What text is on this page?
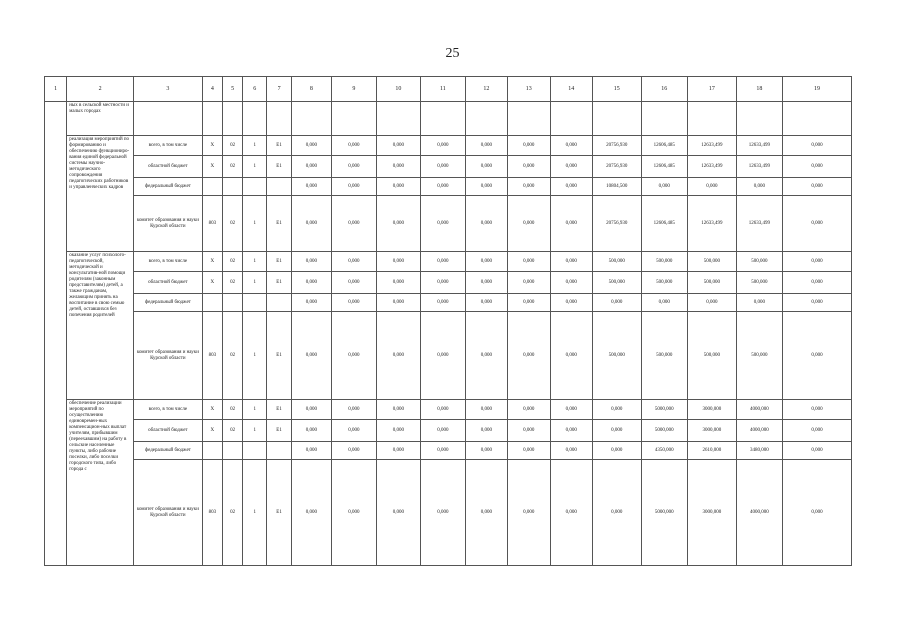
25
1	2	3	4	5	6	7	8	9	10	11	12	13	14	15	16	17	18	19
	ных в сельской местности и малых городах																	
	реализация мероприятий по формированию и обеспечению функциониро-вания единой федеральной системы научно-методического сопровождения педагогических работников и управленческих кадров	всего, в том числе	Х	02	1	Е1	0,000	0,000	0,000	0,000	0,000	0,000	0,000	20756,930	12606,485	12633,499	12633,499	0,000
		областной бюджет	Х	02	1	Е1	0,000	0,000	0,000	0,000	0,000	0,000	0,000	20756,930	12606,485	12633,499	12633,499	0,000
		федеральный бюджет					0,000	0,000	0,000	0,000	0,000	0,000	0,000	10804,500	0,000	0,000	0,000	0,000
		комитет образования и науки Курской области	803	02	1	Е1	0,000	0,000	0,000	0,000	0,000	0,000	0,000	20756,930	12606,485	12633,499	12633,499	0,000
	оказание услуг психолого-педагогической, методической и консультатив-ной помощи родителям (законным представителям) детей, а также гражданам, желающим принять на воспитание в свою семью детей, оставшихся без попечения родителей	всего, в том числе	Х	02	1	Е1	0,000	0,000	0,000	0,000	0,000	0,000	0,000	500,000	500,000	500,000	500,000	0,000
		областной бюджет	Х	02	1	Е1	0,000	0,000	0,000	0,000	0,000	0,000	0,000	500,000	500,000	500,000	500,000	0,000
		федеральный бюджет					0,000	0,000	0,000	0,000	0,000	0,000	0,000	0,000	0,000	0,000	0,000	0,000
		комитет образования и науки Курской области	803	02	1	Е1	0,000	0,000	0,000	0,000	0,000	0,000	0,000	500,000	500,000	500,000	500,000	0,000
	обеспечение реализации мероприятий по осуществлению единовремен-ных компенсацион-ных выплат учителям, прибывшим (переехавшим) на работу в сельские населенные пункты, либо рабочие поселки, либо поселки городского типа, либо города с	всего, в том числе	Х	02	1	Е1	0,000	0,000	0,000	0,000	0,000	0,000	0,000	0,000	5000,000	3000,000	4000,000	0,000
		областной бюджет	Х	02	1	Е1	0,000	0,000	0,000	0,000	0,000	0,000	0,000	0,000	5000,000	3000,000	4000,000	0,000
		федеральный бюджет					0,000	0,000	0,000	0,000	0,000	0,000	0,000	0,000	4350,000	2610,000	3480,000	0,000
		комитет образования и науки Курской области	803	02	1	Е1	0,000	0,000	0,000	0,000	0,000	0,000	0,000	0,000	5000,000	3000,000	4000,000	0,000
